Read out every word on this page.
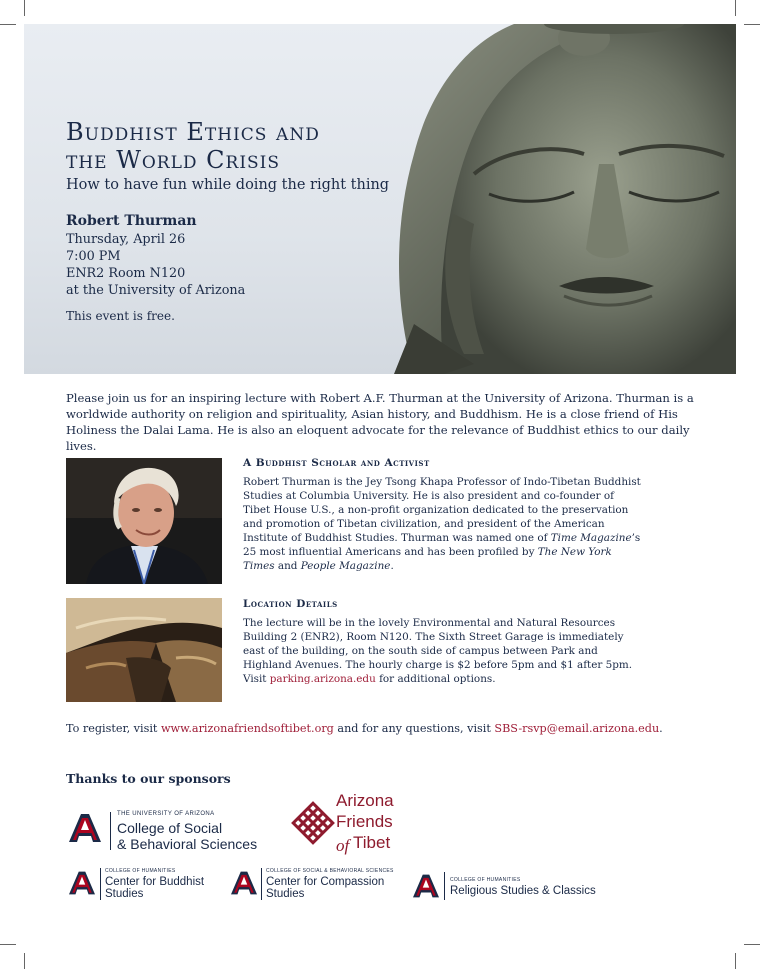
Buddhist Ethics and
the World Crisis
How to have fun while doing the right thing
Robert Thurman
Thursday, April 26
7:00 PM
ENR2 Room N120
at the University of Arizona
This event is free.

Please join us for an inspiring lecture with Robert A.F. Thurman at the University of Arizona. Thurman is a worldwide authority on religion and spirituality, Asian history, and Buddhism. He is a close friend of His Holiness the Dalai Lama. He is also an eloquent advocate for the relevance of Buddhist ethics to our daily lives.

A Buddhist Scholar and Activist

Robert Thurman is the Jey Tsong Khapa Professor of Indo-Tibetan Buddhist Studies at Columbia University. He is also president and co-founder of Tibet House U.S., a non-profit organization dedicated to the preservation and promotion of Tibetan civilization, and president of the American Institute of Buddhist Studies. Thurman was named one of Time Magazine’s 25 most influential Americans and has been profiled by The New York Times and People Magazine.

Location Details

The lecture will be in the lovely Environmental and Natural Resources Building 2 (ENR2), Room N120. The Sixth Street Garage is immediately east of the building, on the south side of campus between Park and Highland Avenues. The hourly charge is $2 before 5pm and $1 after 5pm. Visit parking.arizona.edu for additional options.

To register, visit www.arizonafriendsoftibet.org and for any questions, visit SBS-rsvp@email.arizona.edu.

Thanks to our sponsors
THE UNIVERSITY OF ARIZONA
College of Social
& Behavioral Sciences
Arizona
Friends
of Tibet
COLLEGE OF HUMANITIES
Center for Buddhist
Studies
COLLEGE OF SOCIAL & BEHAVIORAL SCIENCES
Center for Compassion
Studies
COLLEGE OF HUMANITIES
Religious Studies & Classics
